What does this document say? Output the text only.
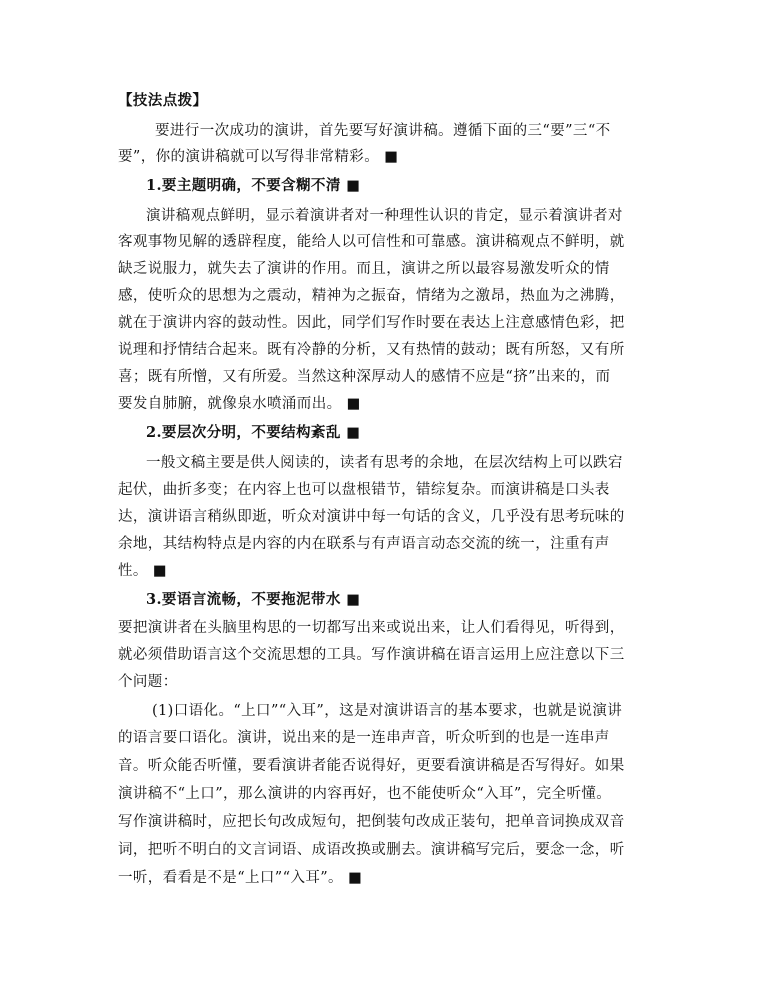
【技法点拨】
要进行一次成功的演讲，首先要写好演讲稿。遵循下面的三“要”三“不
要”，你的演讲稿就可以写得非常精彩。 ■
1.要主题明确，不要含糊不清 ■
演讲稿观点鲜明，显示着演讲者对一种理性认识的肯定，显示着演讲者对
客观事物见解的透辟程度，能给人以可信性和可靠感。演讲稿观点不鲜明，就
缺乏说服力，就失去了演讲的作用。而且，演讲之所以最容易激发听众的情
感，使听众的思想为之震动，精神为之振奋，情绪为之激昂，热血为之沸腾，
就在于演讲内容的鼓动性。因此，同学们写作时要在表达上注意感情色彩，把
说理和抒情结合起来。既有冷静的分析，又有热情的鼓动；既有所怒，又有所
喜；既有所憎，又有所爱。当然这种深厚动人的感情不应是“挤”出来的，而
要发自肺腑，就像泉水喷涌而出。 ■
2.要层次分明，不要结构紊乱 ■
一般文稿主要是供人阅读的，读者有思考的余地，在层次结构上可以跌宕
起伏，曲折多变；在内容上也可以盘根错节，错综复杂。而演讲稿是口头表
达，演讲语言稍纵即逝，听众对演讲中每一句话的含义，几乎没有思考玩味的
余地，其结构特点是内容的内在联系与有声语言动态交流的统一，注重有声
性。 ■
3.要语言流畅，不要拖泥带水 ■
要把演讲者在头脑里构思的一切都写出来或说出来，让人们看得见，听得到，
就必须借助语言这个交流思想的工具。写作演讲稿在语言运用上应注意以下三
个问题：
(1)口语化。“上口”“入耳”，这是对演讲语言的基本要求，也就是说演讲
的语言要口语化。演讲，说出来的是一连串声音，听众听到的也是一连串声
音。听众能否听懂，要看演讲者能否说得好，更要看演讲稿是否写得好。如果
演讲稿不“上口”，那么演讲的内容再好，也不能使听众“入耳”，完全听懂。
写作演讲稿时，应把长句改成短句，把倒装句改成正装句，把单音词换成双音
词，把听不明白的文言词语、成语改换或删去。演讲稿写完后，要念一念，听
一听，看看是不是“上口”“入耳”。 ■
